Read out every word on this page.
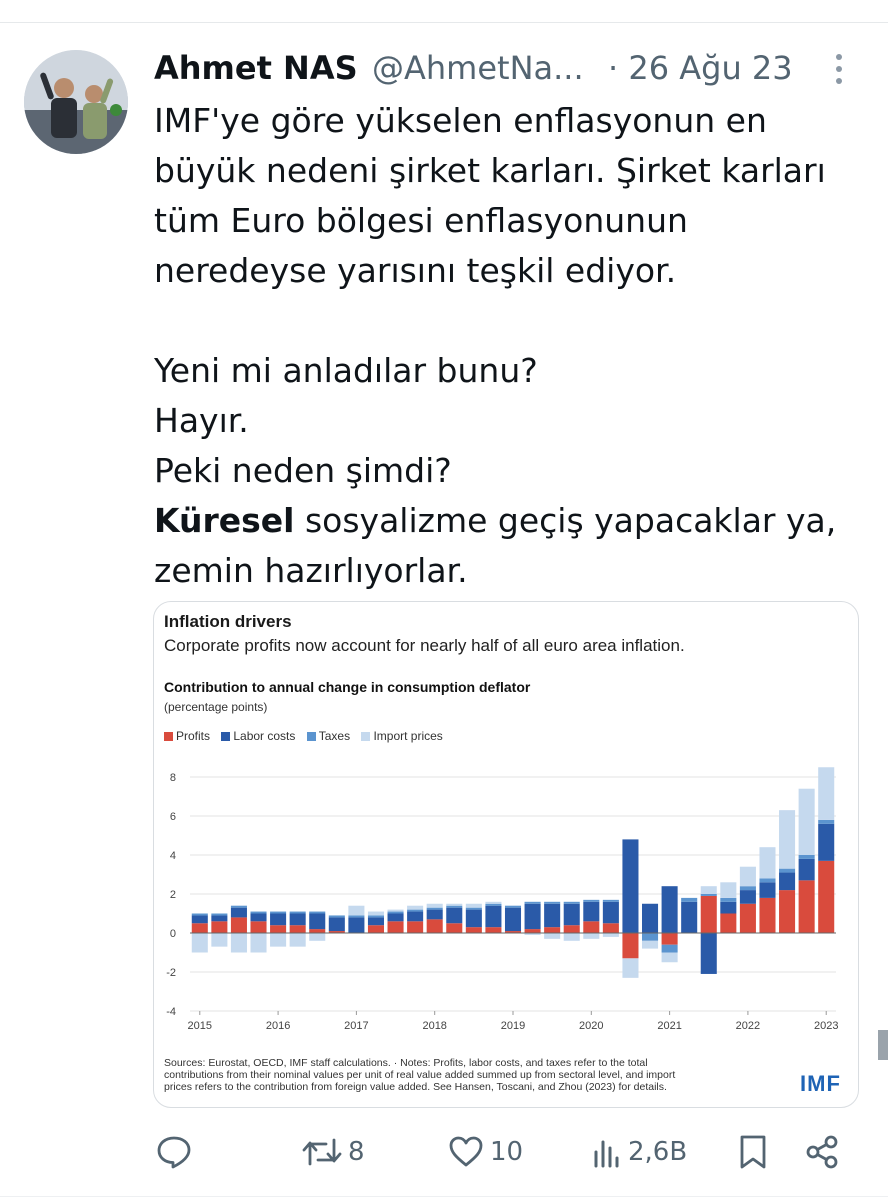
Ahmet NAS @AhmetNa... · 26 Ağu 23

IMF'ye göre yükselen enflasyonun en

büyük nedeni şirket karları. Şirket karları

tüm Euro bölgesi enflasyonunun

neredeyse yarısını teşkil ediyor.

Yeni mi anladılar bunu?

Hayır.

Peki neden şimdi?

Küresel sosyalizme geçiş yapacaklar ya,

zemin hazırlıyorlar.

Inflation drivers
Corporate profits now account for nearly half of all euro area inflation.
Contribution to annual change in consumption deflator
(percentage points)
Profits Labor costs Taxes Import prices
8
6
4
2
0
-2
-4
2015	2016	2017	2018	2019	2020	2021	2022	2023

Sources: Eurostat, OECD, IMF staff calculations. · Notes: Profits, labor costs, and taxes refer to the total

contributions from their nominal values per unit of real value added summed up from sectoral level, and import

prices refers to the contribution from foreign value added. See Hansen, Toscani, and Zhou (2023) for details.	IMF
8	10	2,6B
